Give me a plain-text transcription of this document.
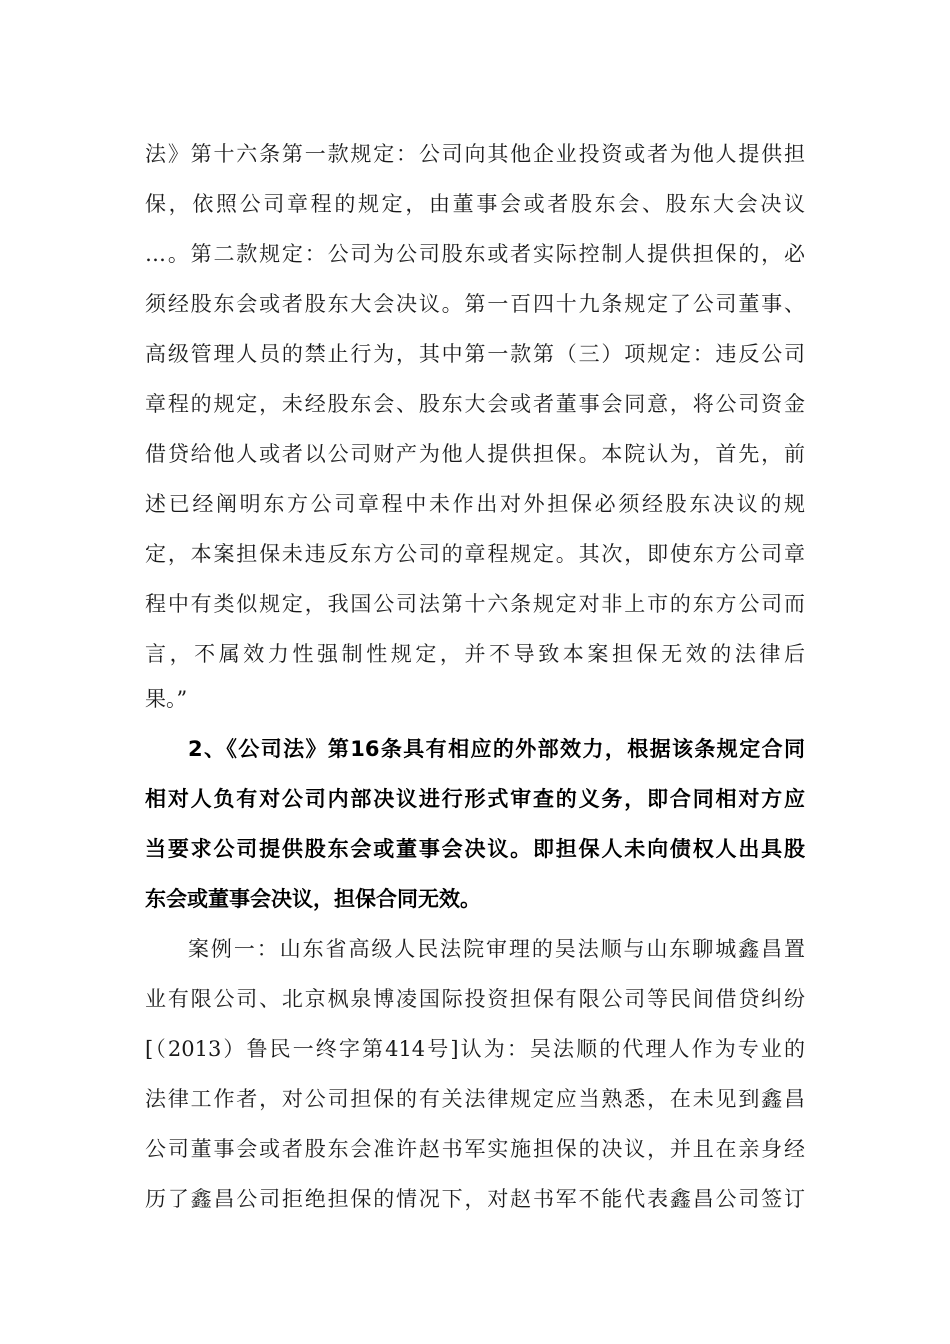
法》第十六条第一款规定：公司向其他企业投资或者为他人提供担
保，依照公司章程的规定，由董事会或者股东会、股东大会决议
…。第二款规定：公司为公司股东或者实际控制人提供担保的，必
须经股东会或者股东大会决议。第一百四十九条规定了公司董事、
高级管理人员的禁止行为，其中第一款第（三）项规定：违反公司
章程的规定，未经股东会、股东大会或者董事会同意，将公司资金
借贷给他人或者以公司财产为他人提供担保。本院认为，首先，前
述已经阐明东方公司章程中未作出对外担保必须经股东决议的规
定，本案担保未违反东方公司的章程规定。其次，即使东方公司章
程中有类似规定，我国公司法第十六条规定对非上市的东方公司而
言，不属效力性强制性规定，并不导致本案担保无效的法律后
果。”
2、《公司法》第16条具有相应的外部效力，根据该条规定合同
相对人负有对公司内部决议进行形式审查的义务，即合同相对方应
当要求公司提供股东会或董事会决议。即担保人未向债权人出具股
东会或董事会决议，担保合同无效。
案例一：山东省高级人民法院审理的吴法顺与山东聊城鑫昌置
业有限公司、北京枫泉博凌国际投资担保有限公司等民间借贷纠纷
[（2013）鲁民一终字第414号]认为：吴法顺的代理人作为专业的
法律工作者，对公司担保的有关法律规定应当熟悉，在未见到鑫昌
公司董事会或者股东会准许赵书军实施担保的决议，并且在亲身经
历了鑫昌公司拒绝担保的情况下，对赵书军不能代表鑫昌公司签订
